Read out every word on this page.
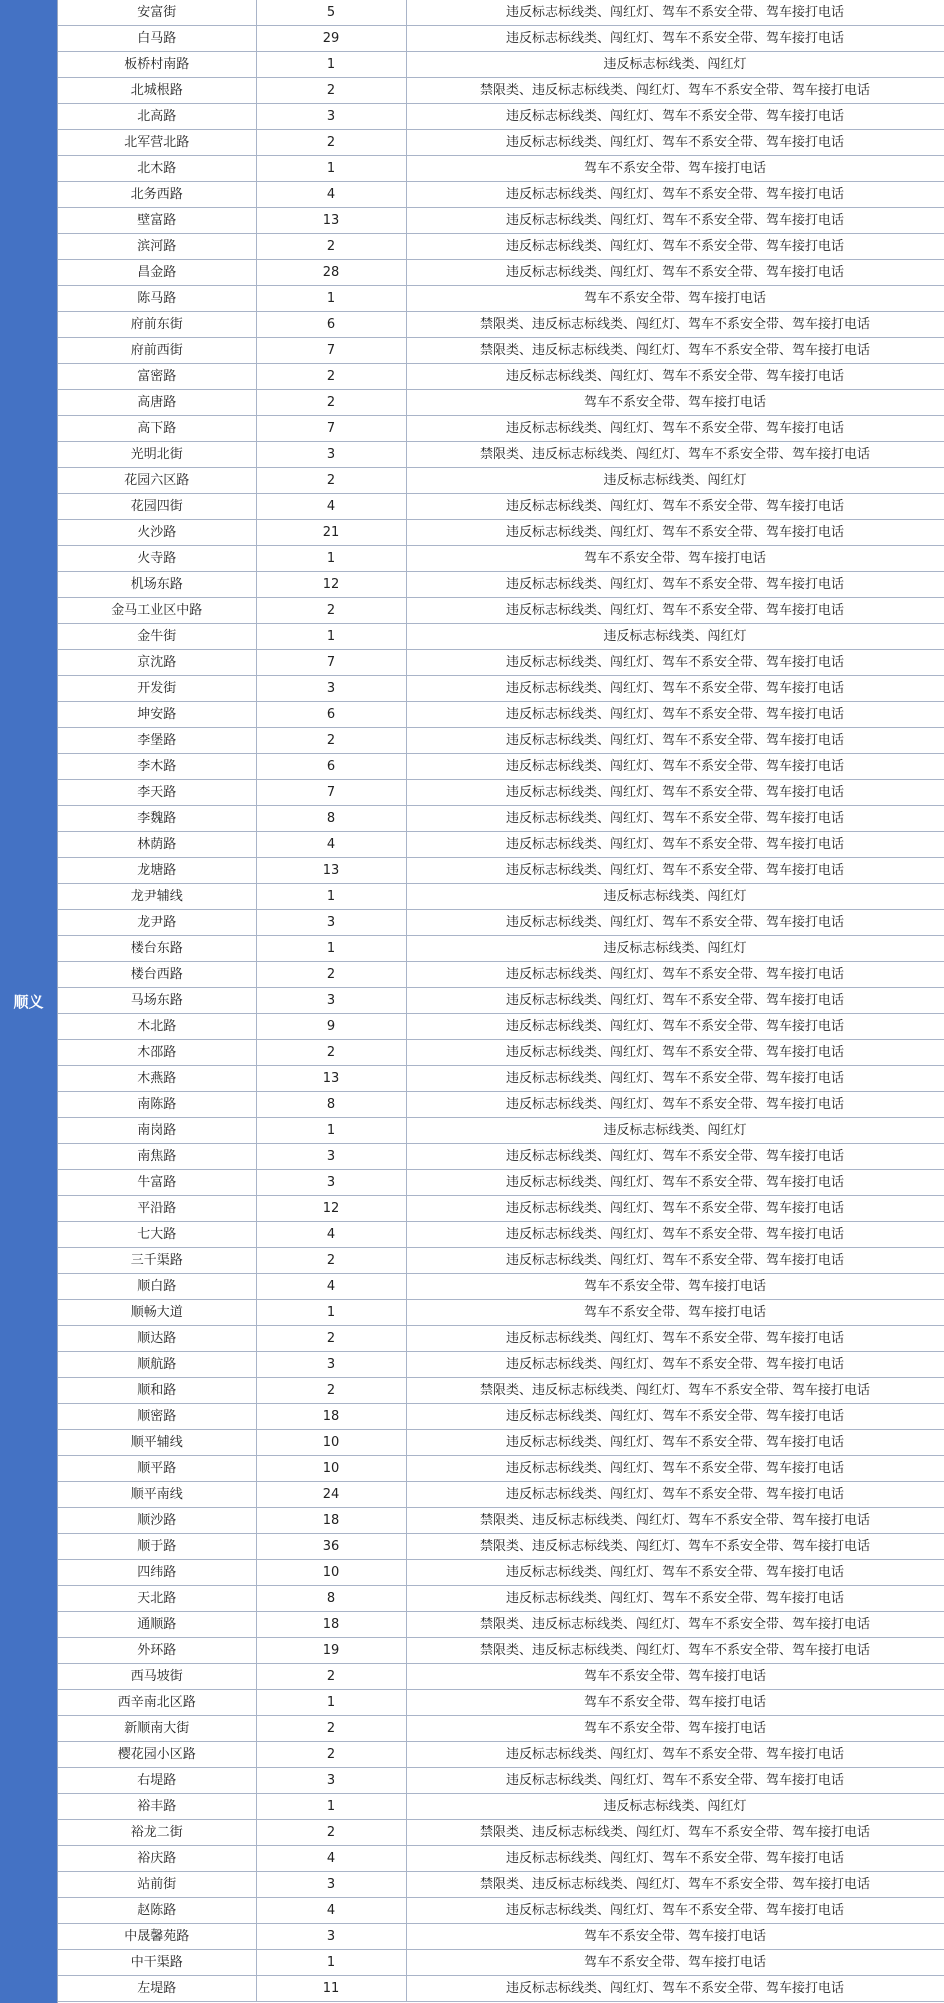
顺义
安富街	5	违反标志标线类、闯红灯、驾车不系安全带、驾车接打电话
白马路	29	违反标志标线类、闯红灯、驾车不系安全带、驾车接打电话
板桥村南路	1	违反标志标线类、闯红灯
北城根路	2	禁限类、违反标志标线类、闯红灯、驾车不系安全带、驾车接打电话
北高路	3	违反标志标线类、闯红灯、驾车不系安全带、驾车接打电话
北军营北路	2	违反标志标线类、闯红灯、驾车不系安全带、驾车接打电话
北木路	1	驾车不系安全带、驾车接打电话
北务西路	4	违反标志标线类、闯红灯、驾车不系安全带、驾车接打电话
壁富路	13	违反标志标线类、闯红灯、驾车不系安全带、驾车接打电话
滨河路	2	违反标志标线类、闯红灯、驾车不系安全带、驾车接打电话
昌金路	28	违反标志标线类、闯红灯、驾车不系安全带、驾车接打电话
陈马路	1	驾车不系安全带、驾车接打电话
府前东街	6	禁限类、违反标志标线类、闯红灯、驾车不系安全带、驾车接打电话
府前西街	7	禁限类、违反标志标线类、闯红灯、驾车不系安全带、驾车接打电话
富密路	2	违反标志标线类、闯红灯、驾车不系安全带、驾车接打电话
高唐路	2	驾车不系安全带、驾车接打电话
高下路	7	违反标志标线类、闯红灯、驾车不系安全带、驾车接打电话
光明北街	3	禁限类、违反标志标线类、闯红灯、驾车不系安全带、驾车接打电话
花园六区路	2	违反标志标线类、闯红灯
花园四街	4	违反标志标线类、闯红灯、驾车不系安全带、驾车接打电话
火沙路	21	违反标志标线类、闯红灯、驾车不系安全带、驾车接打电话
火寺路	1	驾车不系安全带、驾车接打电话
机场东路	12	违反标志标线类、闯红灯、驾车不系安全带、驾车接打电话
金马工业区中路	2	违反标志标线类、闯红灯、驾车不系安全带、驾车接打电话
金牛街	1	违反标志标线类、闯红灯
京沈路	7	违反标志标线类、闯红灯、驾车不系安全带、驾车接打电话
开发街	3	违反标志标线类、闯红灯、驾车不系安全带、驾车接打电话
坤安路	6	违反标志标线类、闯红灯、驾车不系安全带、驾车接打电话
李堡路	2	违反标志标线类、闯红灯、驾车不系安全带、驾车接打电话
李木路	6	违反标志标线类、闯红灯、驾车不系安全带、驾车接打电话
李天路	7	违反标志标线类、闯红灯、驾车不系安全带、驾车接打电话
李魏路	8	违反标志标线类、闯红灯、驾车不系安全带、驾车接打电话
林荫路	4	违反标志标线类、闯红灯、驾车不系安全带、驾车接打电话
龙塘路	13	违反标志标线类、闯红灯、驾车不系安全带、驾车接打电话
龙尹辅线	1	违反标志标线类、闯红灯
龙尹路	3	违反标志标线类、闯红灯、驾车不系安全带、驾车接打电话
楼台东路	1	违反标志标线类、闯红灯
楼台西路	2	违反标志标线类、闯红灯、驾车不系安全带、驾车接打电话
马场东路	3	违反标志标线类、闯红灯、驾车不系安全带、驾车接打电话
木北路	9	违反标志标线类、闯红灯、驾车不系安全带、驾车接打电话
木邵路	2	违反标志标线类、闯红灯、驾车不系安全带、驾车接打电话
木燕路	13	违反标志标线类、闯红灯、驾车不系安全带、驾车接打电话
南陈路	8	违反标志标线类、闯红灯、驾车不系安全带、驾车接打电话
南岗路	1	违反标志标线类、闯红灯
南焦路	3	违反标志标线类、闯红灯、驾车不系安全带、驾车接打电话
牛富路	3	违反标志标线类、闯红灯、驾车不系安全带、驾车接打电话
平沿路	12	违反标志标线类、闯红灯、驾车不系安全带、驾车接打电话
七大路	4	违反标志标线类、闯红灯、驾车不系安全带、驾车接打电话
三千渠路	2	违反标志标线类、闯红灯、驾车不系安全带、驾车接打电话
顺白路	4	驾车不系安全带、驾车接打电话
顺畅大道	1	驾车不系安全带、驾车接打电话
顺达路	2	违反标志标线类、闯红灯、驾车不系安全带、驾车接打电话
顺航路	3	违反标志标线类、闯红灯、驾车不系安全带、驾车接打电话
顺和路	2	禁限类、违反标志标线类、闯红灯、驾车不系安全带、驾车接打电话
顺密路	18	违反标志标线类、闯红灯、驾车不系安全带、驾车接打电话
顺平辅线	10	违反标志标线类、闯红灯、驾车不系安全带、驾车接打电话
顺平路	10	违反标志标线类、闯红灯、驾车不系安全带、驾车接打电话
顺平南线	24	违反标志标线类、闯红灯、驾车不系安全带、驾车接打电话
顺沙路	18	禁限类、违反标志标线类、闯红灯、驾车不系安全带、驾车接打电话
顺于路	36	禁限类、违反标志标线类、闯红灯、驾车不系安全带、驾车接打电话
四纬路	10	违反标志标线类、闯红灯、驾车不系安全带、驾车接打电话
天北路	8	违反标志标线类、闯红灯、驾车不系安全带、驾车接打电话
通顺路	18	禁限类、违反标志标线类、闯红灯、驾车不系安全带、驾车接打电话
外环路	19	禁限类、违反标志标线类、闯红灯、驾车不系安全带、驾车接打电话
西马坡街	2	驾车不系安全带、驾车接打电话
西辛南北区路	1	驾车不系安全带、驾车接打电话
新顺南大街	2	驾车不系安全带、驾车接打电话
樱花园小区路	2	违反标志标线类、闯红灯、驾车不系安全带、驾车接打电话
右堤路	3	违反标志标线类、闯红灯、驾车不系安全带、驾车接打电话
裕丰路	1	违反标志标线类、闯红灯
裕龙二街	2	禁限类、违反标志标线类、闯红灯、驾车不系安全带、驾车接打电话
裕庆路	4	违反标志标线类、闯红灯、驾车不系安全带、驾车接打电话
站前街	3	禁限类、违反标志标线类、闯红灯、驾车不系安全带、驾车接打电话
赵陈路	4	违反标志标线类、闯红灯、驾车不系安全带、驾车接打电话
中晟馨苑路	3	驾车不系安全带、驾车接打电话
中干渠路	1	驾车不系安全带、驾车接打电话
左堤路	11	违反标志标线类、闯红灯、驾车不系安全带、驾车接打电话
